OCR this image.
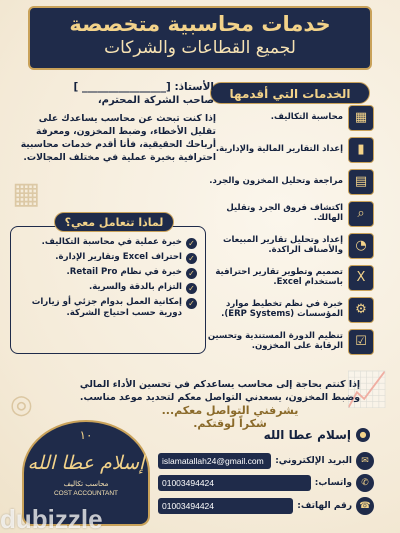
خدمات محاسبية متخصصة
لجميع القطاعات والشركات
الخدمات التي أقدمها
▦
محاسبة التكاليف.
▮
إعداد التقارير المالية والإدارية.
▤
مراجعة وتحليل المخزون والجرد.
⌕
اكتشاف فروق الجرد وتقليل الهالك.
◔
إعداد وتحليل تقارير المبيعات والأصناف الراكدة.
X
تصميم وتطوير تقارير احترافية باستخدام Excel.
⚙
خبرة في نظم تخطيط موارد المؤسسات (ERP Systems).
☑
تنظيم الدورة المستندية وتحسين الرقابة على المخزون.
الأستاذ: [________________ ]
صاحب الشركة المحترم،
إذا كنت تبحث عن محاسب يساعدك على تقليل الأخطاء، وضبط المخزون، ومعرفة أرباحك الحقيقية، فأنا أقدم خدمات محاسبية احترافية بخبرة عملية في مختلف المجالات.
✓
خبرة عملية في محاسبة التكاليف.
✓
احتراف Excel وتقارير الإدارة.
✓
خبرة في نظام Retail Pro.
✓
التزام بالدقة والسرية.
✓
إمكانية العمل بدوام جزئي أو زيارات دورية حسب احتياج الشركة.
لماذا تتعامل معي؟
▦
📈
◎
إذا كنتم بحاجة إلى محاسب يساعدكم في تحسين الأداء المالي وضبط المخزون، يسعدني التواصل معكم لتحديد موعد مناسب.
يشرفني التواصل معكم... شكراً لوقتكم.
١٠
إسلام عطا الله
محاسب تكاليف
COST ACCOUNTANT
●
إسلام عطا الله
✉
البريد الإلكتروني:
islamatallah24@gmail.com
✆
واتساب:
01003494424
☎
رقم الهاتف:
01003494424
dubizzle
